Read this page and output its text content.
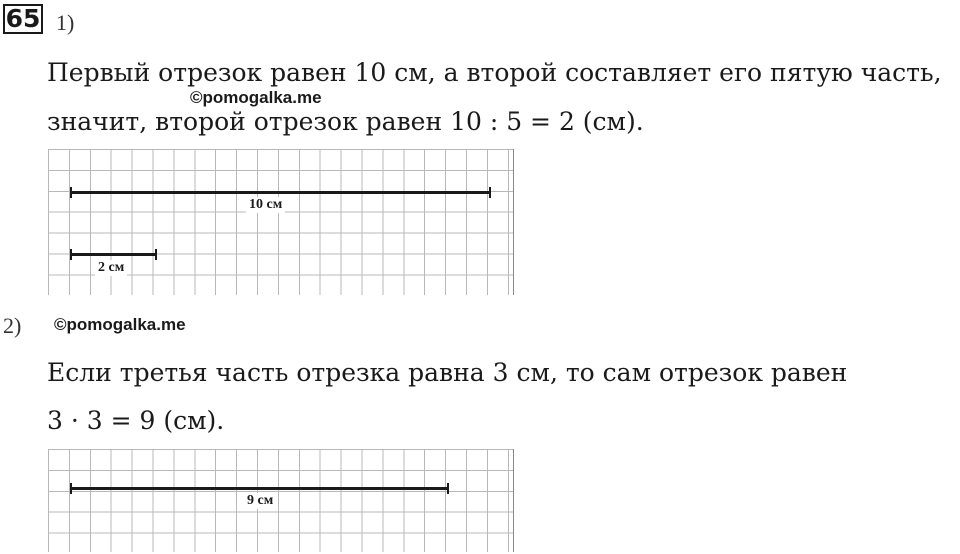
65 1)
Первый отрезок равен 10 см, а второй составляет его пятую часть,
©pomogalka.me
значит, второй отрезок равен 10 : 5 = 2 (см).
10 см
2 см
2) ©pomogalka.me
Если третья часть отрезка равна 3 см, то сам отрезок равен
3 · 3 = 9 (см).
9 см
